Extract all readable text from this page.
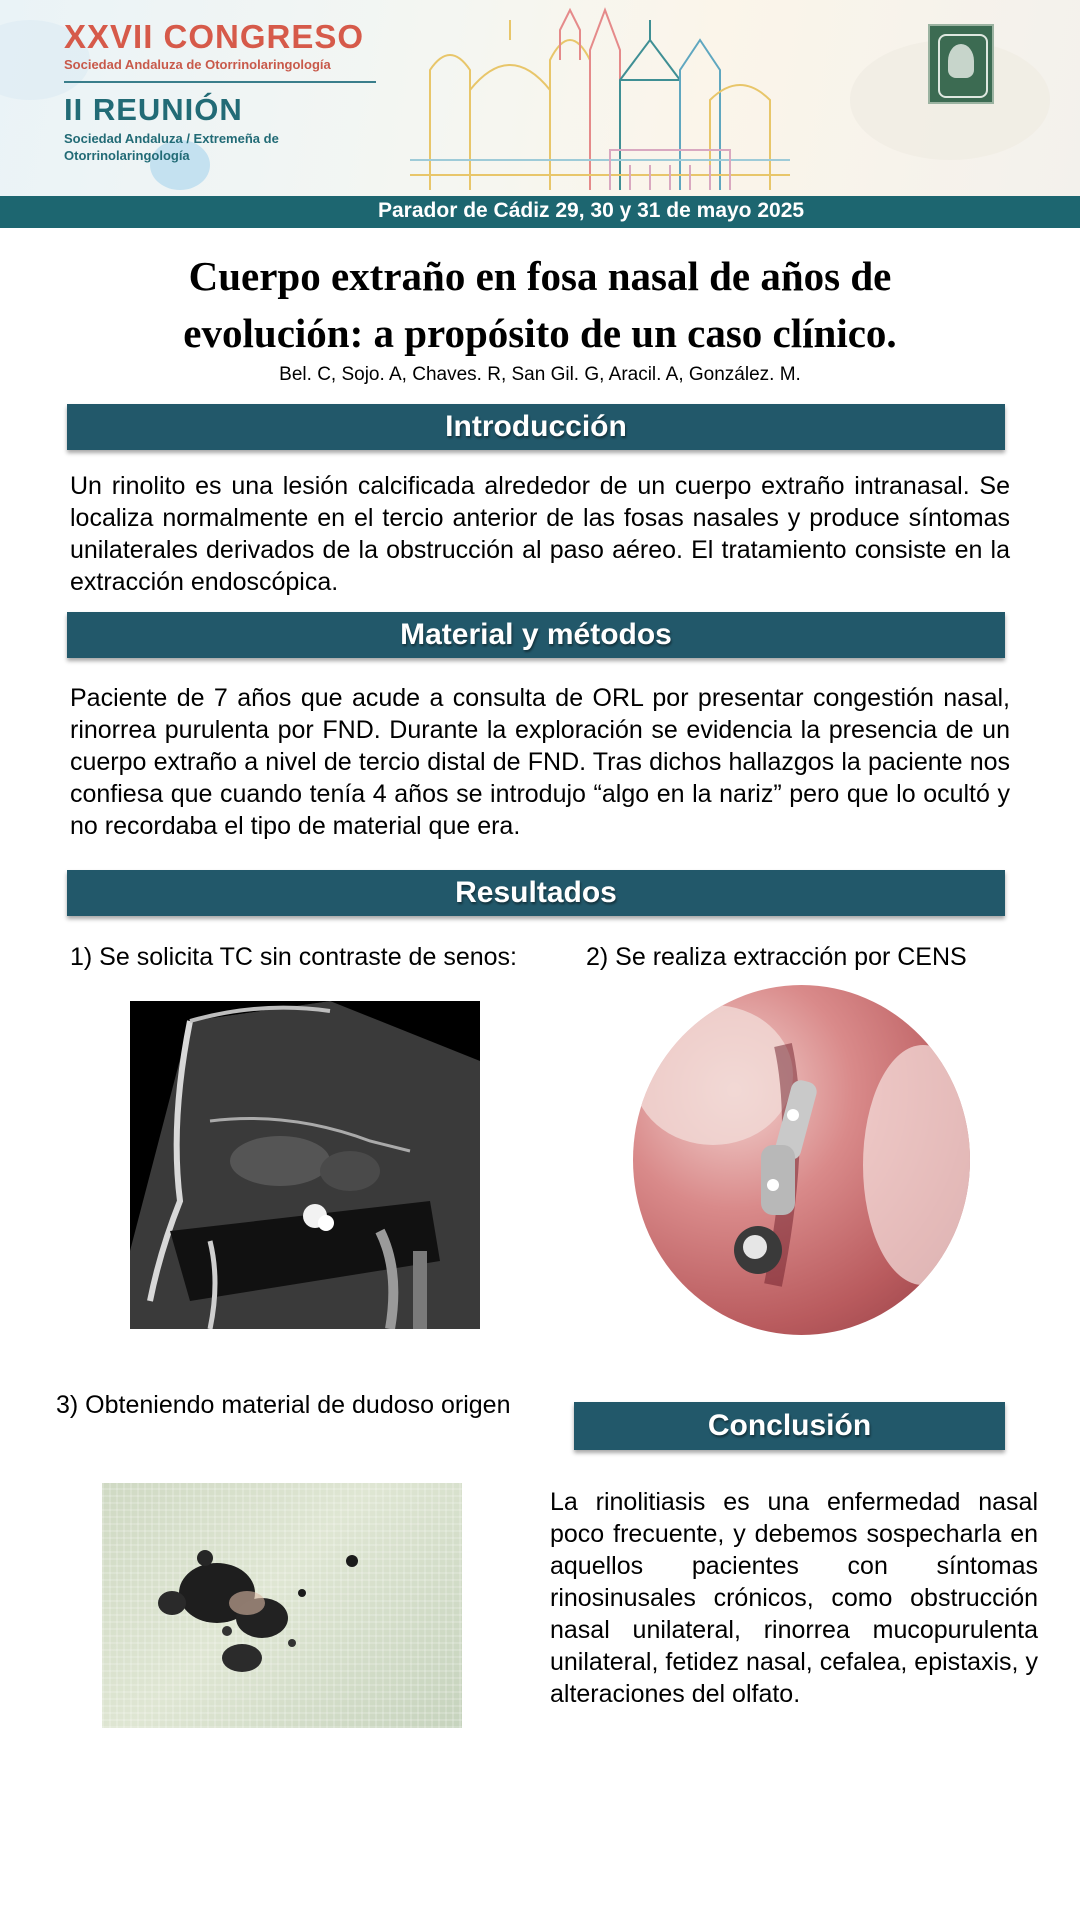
XXVII CONGRESO
Sociedad Andaluza de Otorrinolaringología
II REUNIÓN
Sociedad Andaluza / Extremeña de Otorrinolaringología
Parador de Cádiz 29, 30 y 31 de mayo 2025
Cuerpo extraño en fosa nasal de años de evolución: a propósito de un caso clínico.
Bel. C, Sojo. A, Chaves. R, San Gil. G, Aracil. A, González. M.
Introducción
Un rinolito es una lesión calcificada alrededor de un cuerpo extraño intranasal. Se localiza normalmente en el tercio anterior de las fosas nasales y produce síntomas unilaterales derivados de la obstrucción al paso aéreo. El tratamiento consiste en la extracción endoscópica.
Material y métodos
Paciente de 7 años que acude a consulta de ORL por presentar congestión nasal, rinorrea purulenta por FND. Durante la exploración se evidencia la presencia de un cuerpo extraño a nivel de tercio distal de FND. Tras dichos hallazgos la paciente nos confiesa que cuando tenía 4 años se introdujo “algo en la nariz” pero que lo ocultó y no recordaba el tipo de material que era.
Resultados
1) Se solicita TC sin contraste de senos:	2) Se realiza extracción por CENS
3) Obteniendo material de dudoso origen
Conclusión
La rinolitiasis es una enfermedad nasal poco frecuente, y debemos sospecharla en aquellos pacientes con síntomas rinosinusales crónicos, como obstrucción nasal unilateral, rinorrea mucopurulenta unilateral, fetidez nasal, cefalea, epistaxis, y alteraciones del olfato.
